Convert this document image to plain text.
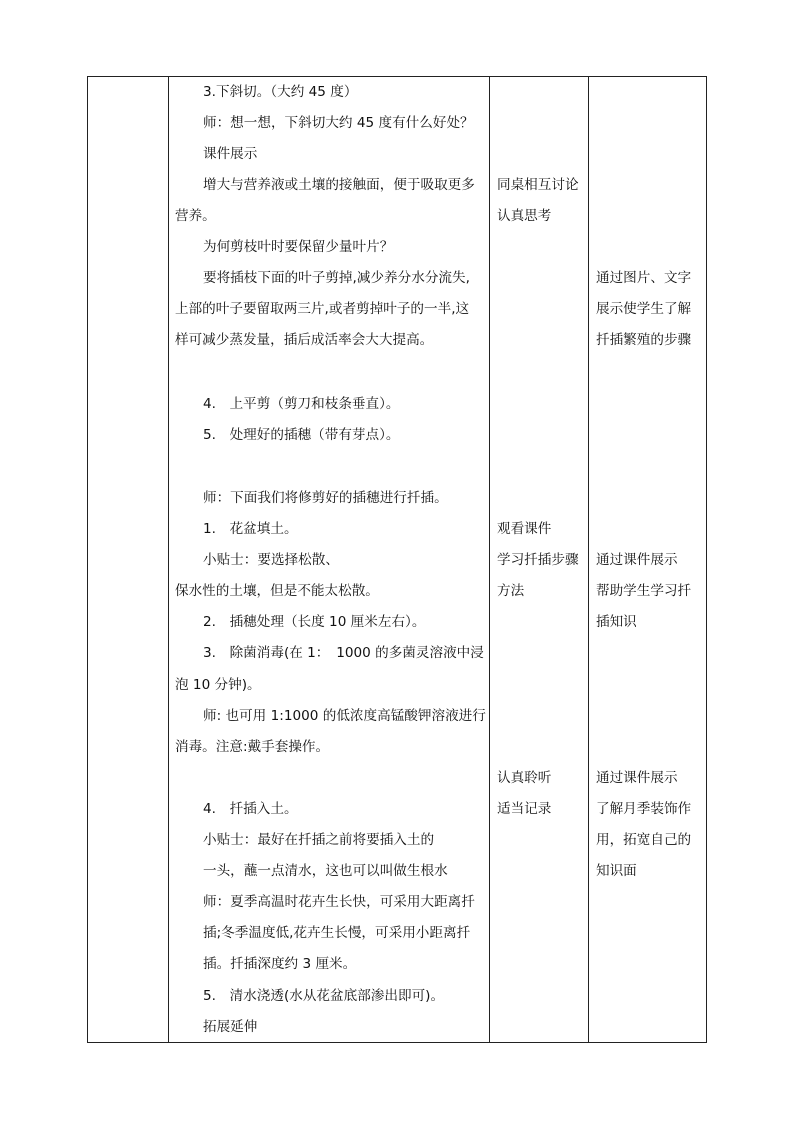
3.下斜切。（大约 45 度）
师：想一想，下斜切大约 45 度有什么好处？
课件展示
增大与营养液或土壤的接触面，便于吸取更多
营养。
为何剪枝叶时要保留少量叶片？
要将插枝下面的叶子剪掉,减少养分水分流失,
上部的叶子要留取两三片,或者剪掉叶子的一半,这
样可减少蒸发量，插后成活率会大大提高。
4.　上平剪（剪刀和枝条垂直）。
5.　处理好的插穗（带有芽点）。
师：下面我们将修剪好的插穗进行扦插。
1.　花盆填土。
小贴士：要选择松散、
保水性的土壤，但是不能太松散。
2.　插穗处理（长度 10 厘米左右）。
3.　除菌消毒(在 1：　1000 的多菌灵溶液中浸
泡 10 分钟)。
师: 也可用 1:1000 的低浓度高锰酸钾溶液进行
消毒。注意:戴手套操作。
4.　扦插入土。
小贴士：最好在扦插之前将要插入土的
一头，蘸一点清水，这也可以叫做生根水
师：夏季高温时花卉生长快，可采用大距离扦
插;冬季温度低,花卉生长慢，可采用小距离扦
插。扦插深度约 3 厘米。
5.　清水浇透(水从花盆底部渗出即可)。
拓展延伸
同桌相互讨论
认真思考
观看课件
学习扦插步骤
方法
认真聆听
适当记录
通过图片、文字
展示使学生了解
扦插繁殖的步骤
通过课件展示
帮助学生学习扦
插知识
通过课件展示
了解月季装饰作
用，拓宽自己的
知识面
